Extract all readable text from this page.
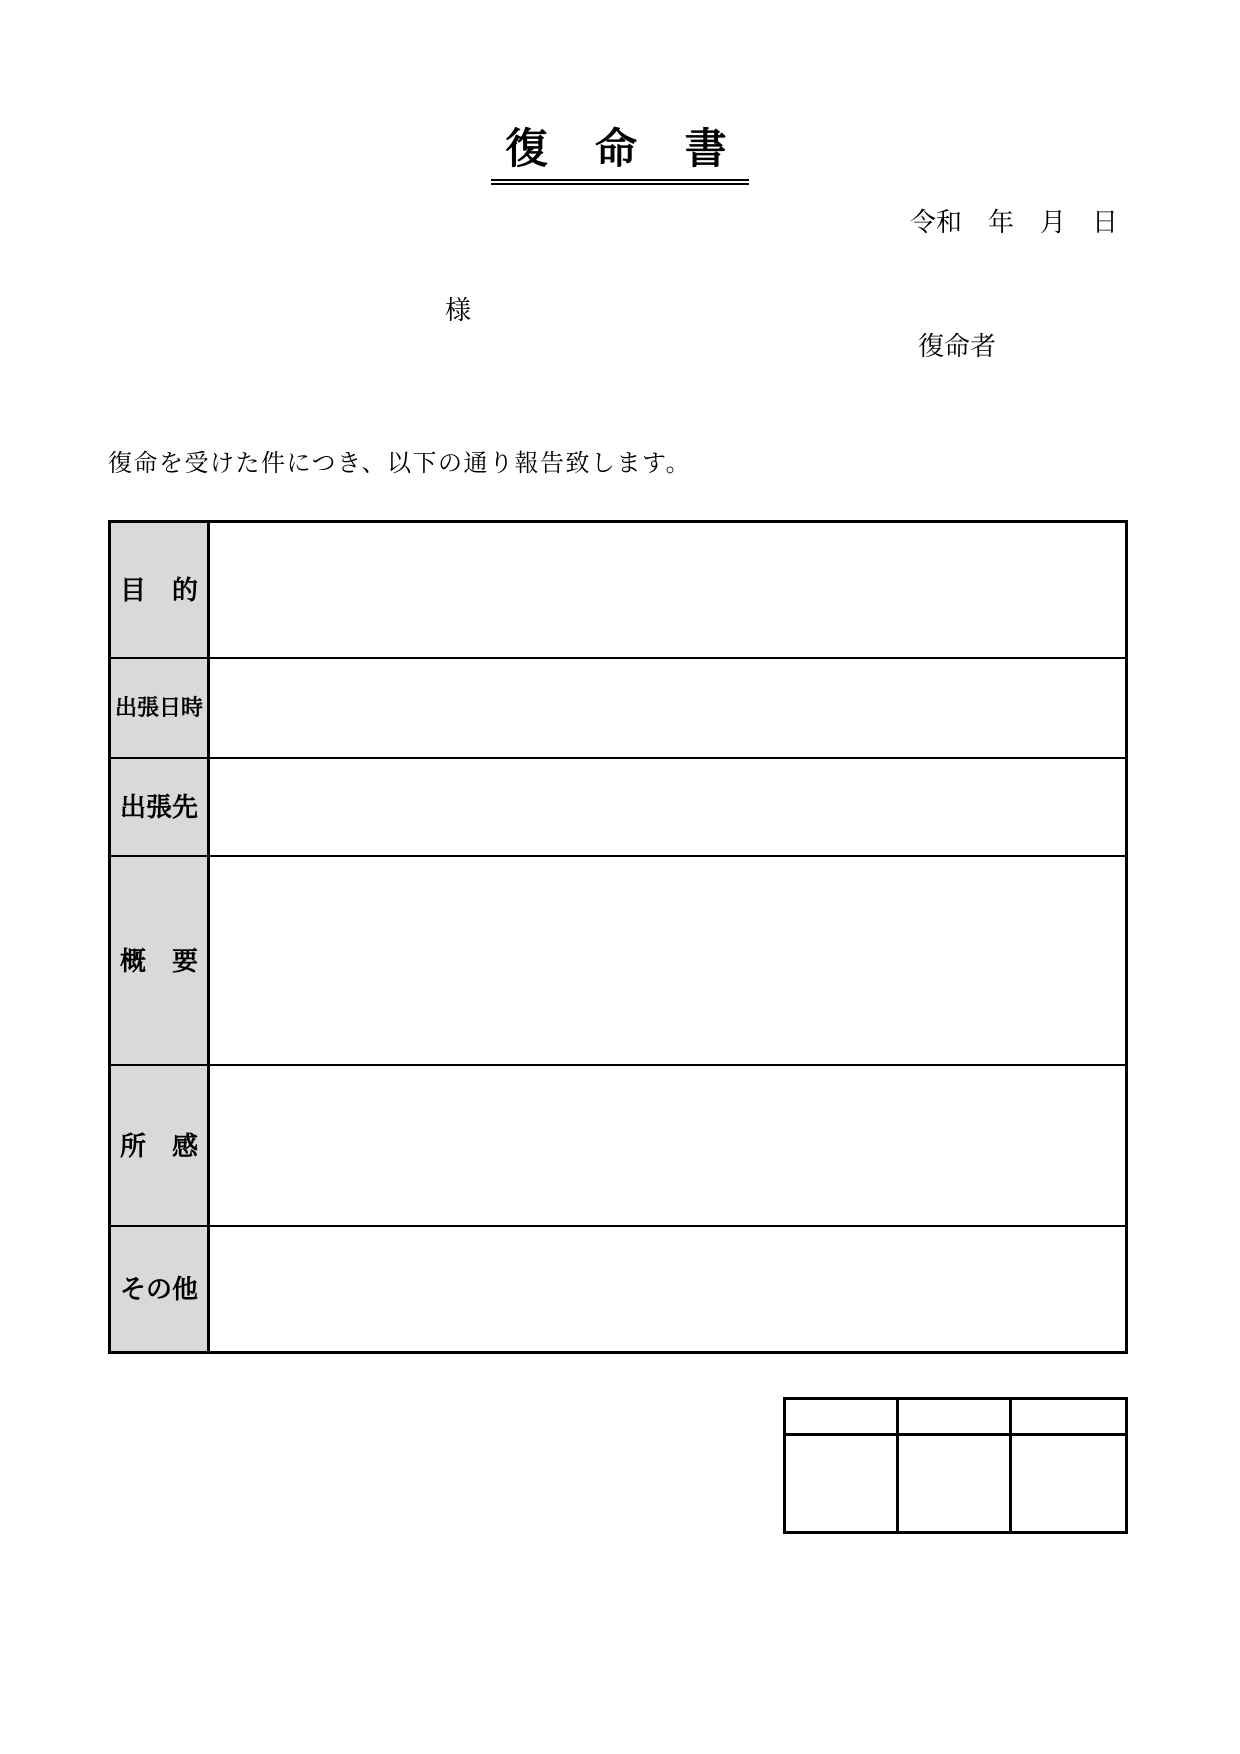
復 命 書
令和　年　月　日
様
復命者
復命を受けた件につき、以下の通り報告致します。
目 的
出張日時
出 張 先
概 要
所 感
そ の 他
